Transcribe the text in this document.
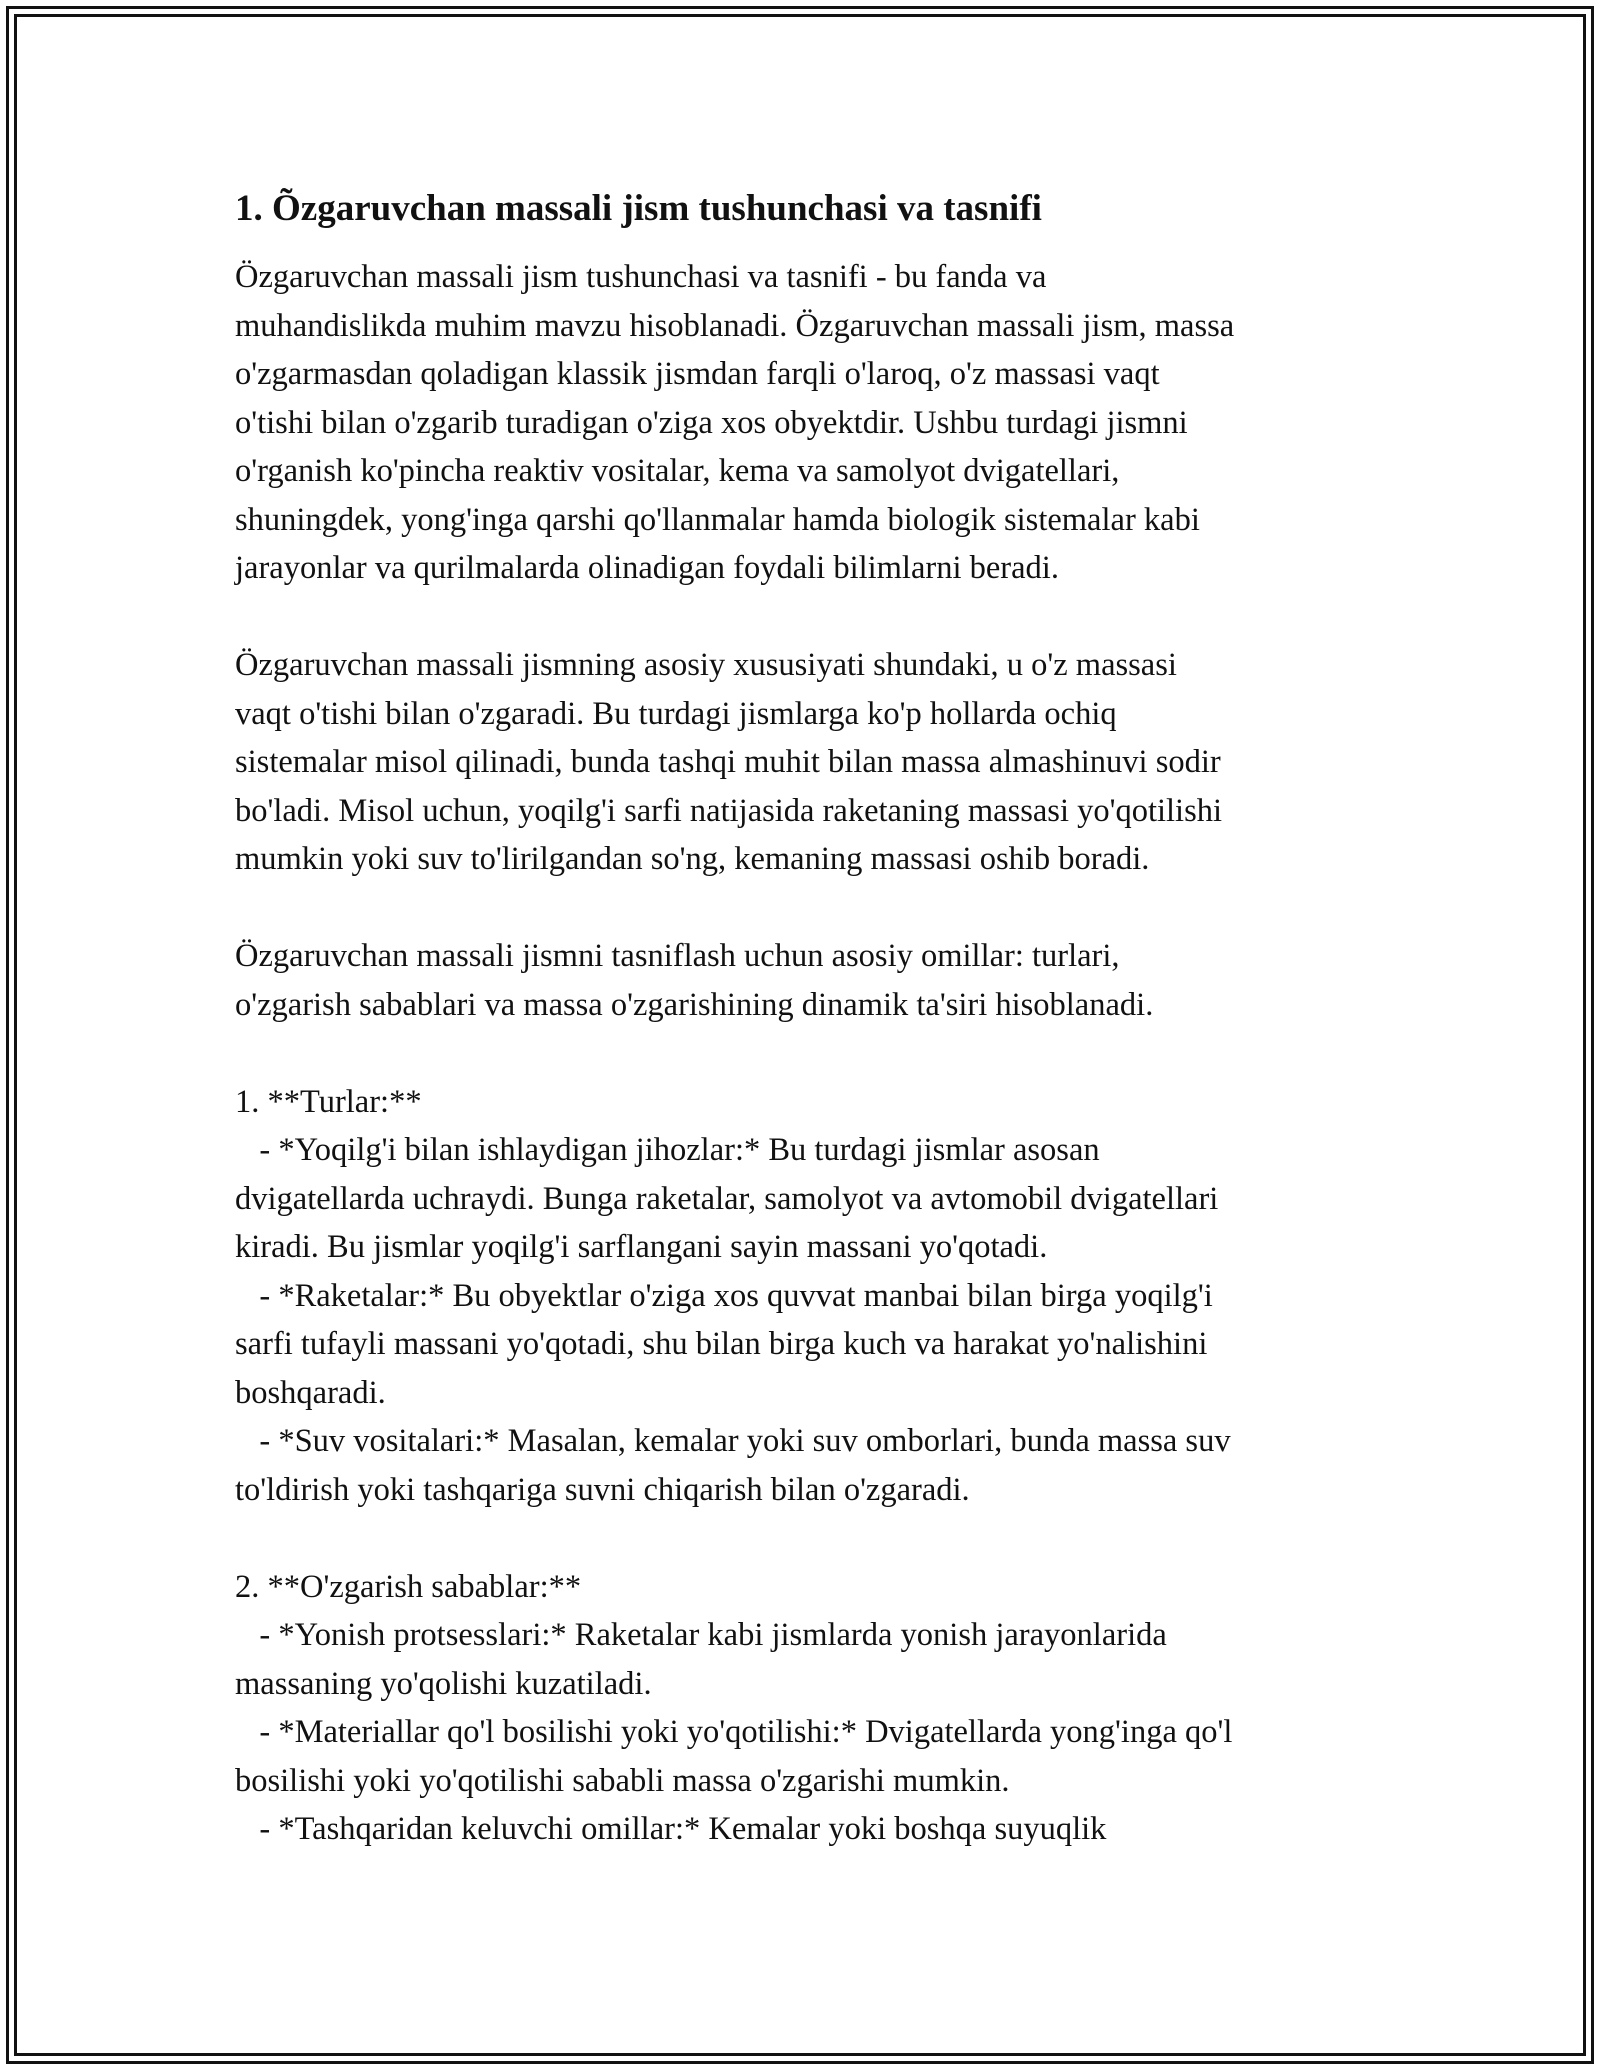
1. Õzgaruvchan massali jism tushunchasi va tasnifi

Özgaruvchan massali jism tushunchasi va tasnifi - bu fanda va
muhandislikda muhim mavzu hisoblanadi. Özgaruvchan massali jism, massa
o'zgarmasdan qoladigan klassik jismdan farqli o'laroq, o'z massasi vaqt
o'tishi bilan o'zgarib turadigan o'ziga xos obyektdir. Ushbu turdagi jismni
o'rganish ko'pincha reaktiv vositalar, kema va samolyot dvigatellari,
shuningdek, yong'inga qarshi qo'llanmalar hamda biologik sistemalar kabi
jarayonlar va qurilmalarda olinadigan foydali bilimlarni beradi.

Özgaruvchan massali jismning asosiy xususiyati shundaki, u o'z massasi
vaqt o'tishi bilan o'zgaradi. Bu turdagi jismlarga ko'p hollarda ochiq
sistemalar misol qilinadi, bunda tashqi muhit bilan massa almashinuvi sodir
bo'ladi. Misol uchun, yoqilg'i sarfi natijasida raketaning massasi yo'qotilishi
mumkin yoki suv to'lirilgandan so'ng, kemaning massasi oshib boradi.

Özgaruvchan massali jismni tasniflash uchun asosiy omillar: turlari,
o'zgarish sabablari va massa o'zgarishining dinamik ta'siri hisoblanadi.

1. **Turlar:**
- *Yoqilg'i bilan ishlaydigan jihozlar:* Bu turdagi jismlar asosan
dvigatellarda uchraydi. Bunga raketalar, samolyot va avtomobil dvigatellari
kiradi. Bu jismlar yoqilg'i sarflangani sayin massani yo'qotadi.
- *Raketalar:* Bu obyektlar o'ziga xos quvvat manbai bilan birga yoqilg'i
sarfi tufayli massani yo'qotadi, shu bilan birga kuch va harakat yo'nalishini
boshqaradi.
- *Suv vositalari:* Masalan, kemalar yoki suv omborlari, bunda massa suv
to'ldirish yoki tashqariga suvni chiqarish bilan o'zgaradi.

2. **O'zgarish sabablar:**
- *Yonish protsesslari:* Raketalar kabi jismlarda yonish jarayonlarida
massaning yo'qolishi kuzatiladi.
- *Materiallar qo'l bosilishi yoki yo'qotilishi:* Dvigatellarda yong'inga qo'l
bosilishi yoki yo'qotilishi sababli massa o'zgarishi mumkin.
- *Tashqaridan keluvchi omillar:* Kemalar yoki boshqa suyuqlik
